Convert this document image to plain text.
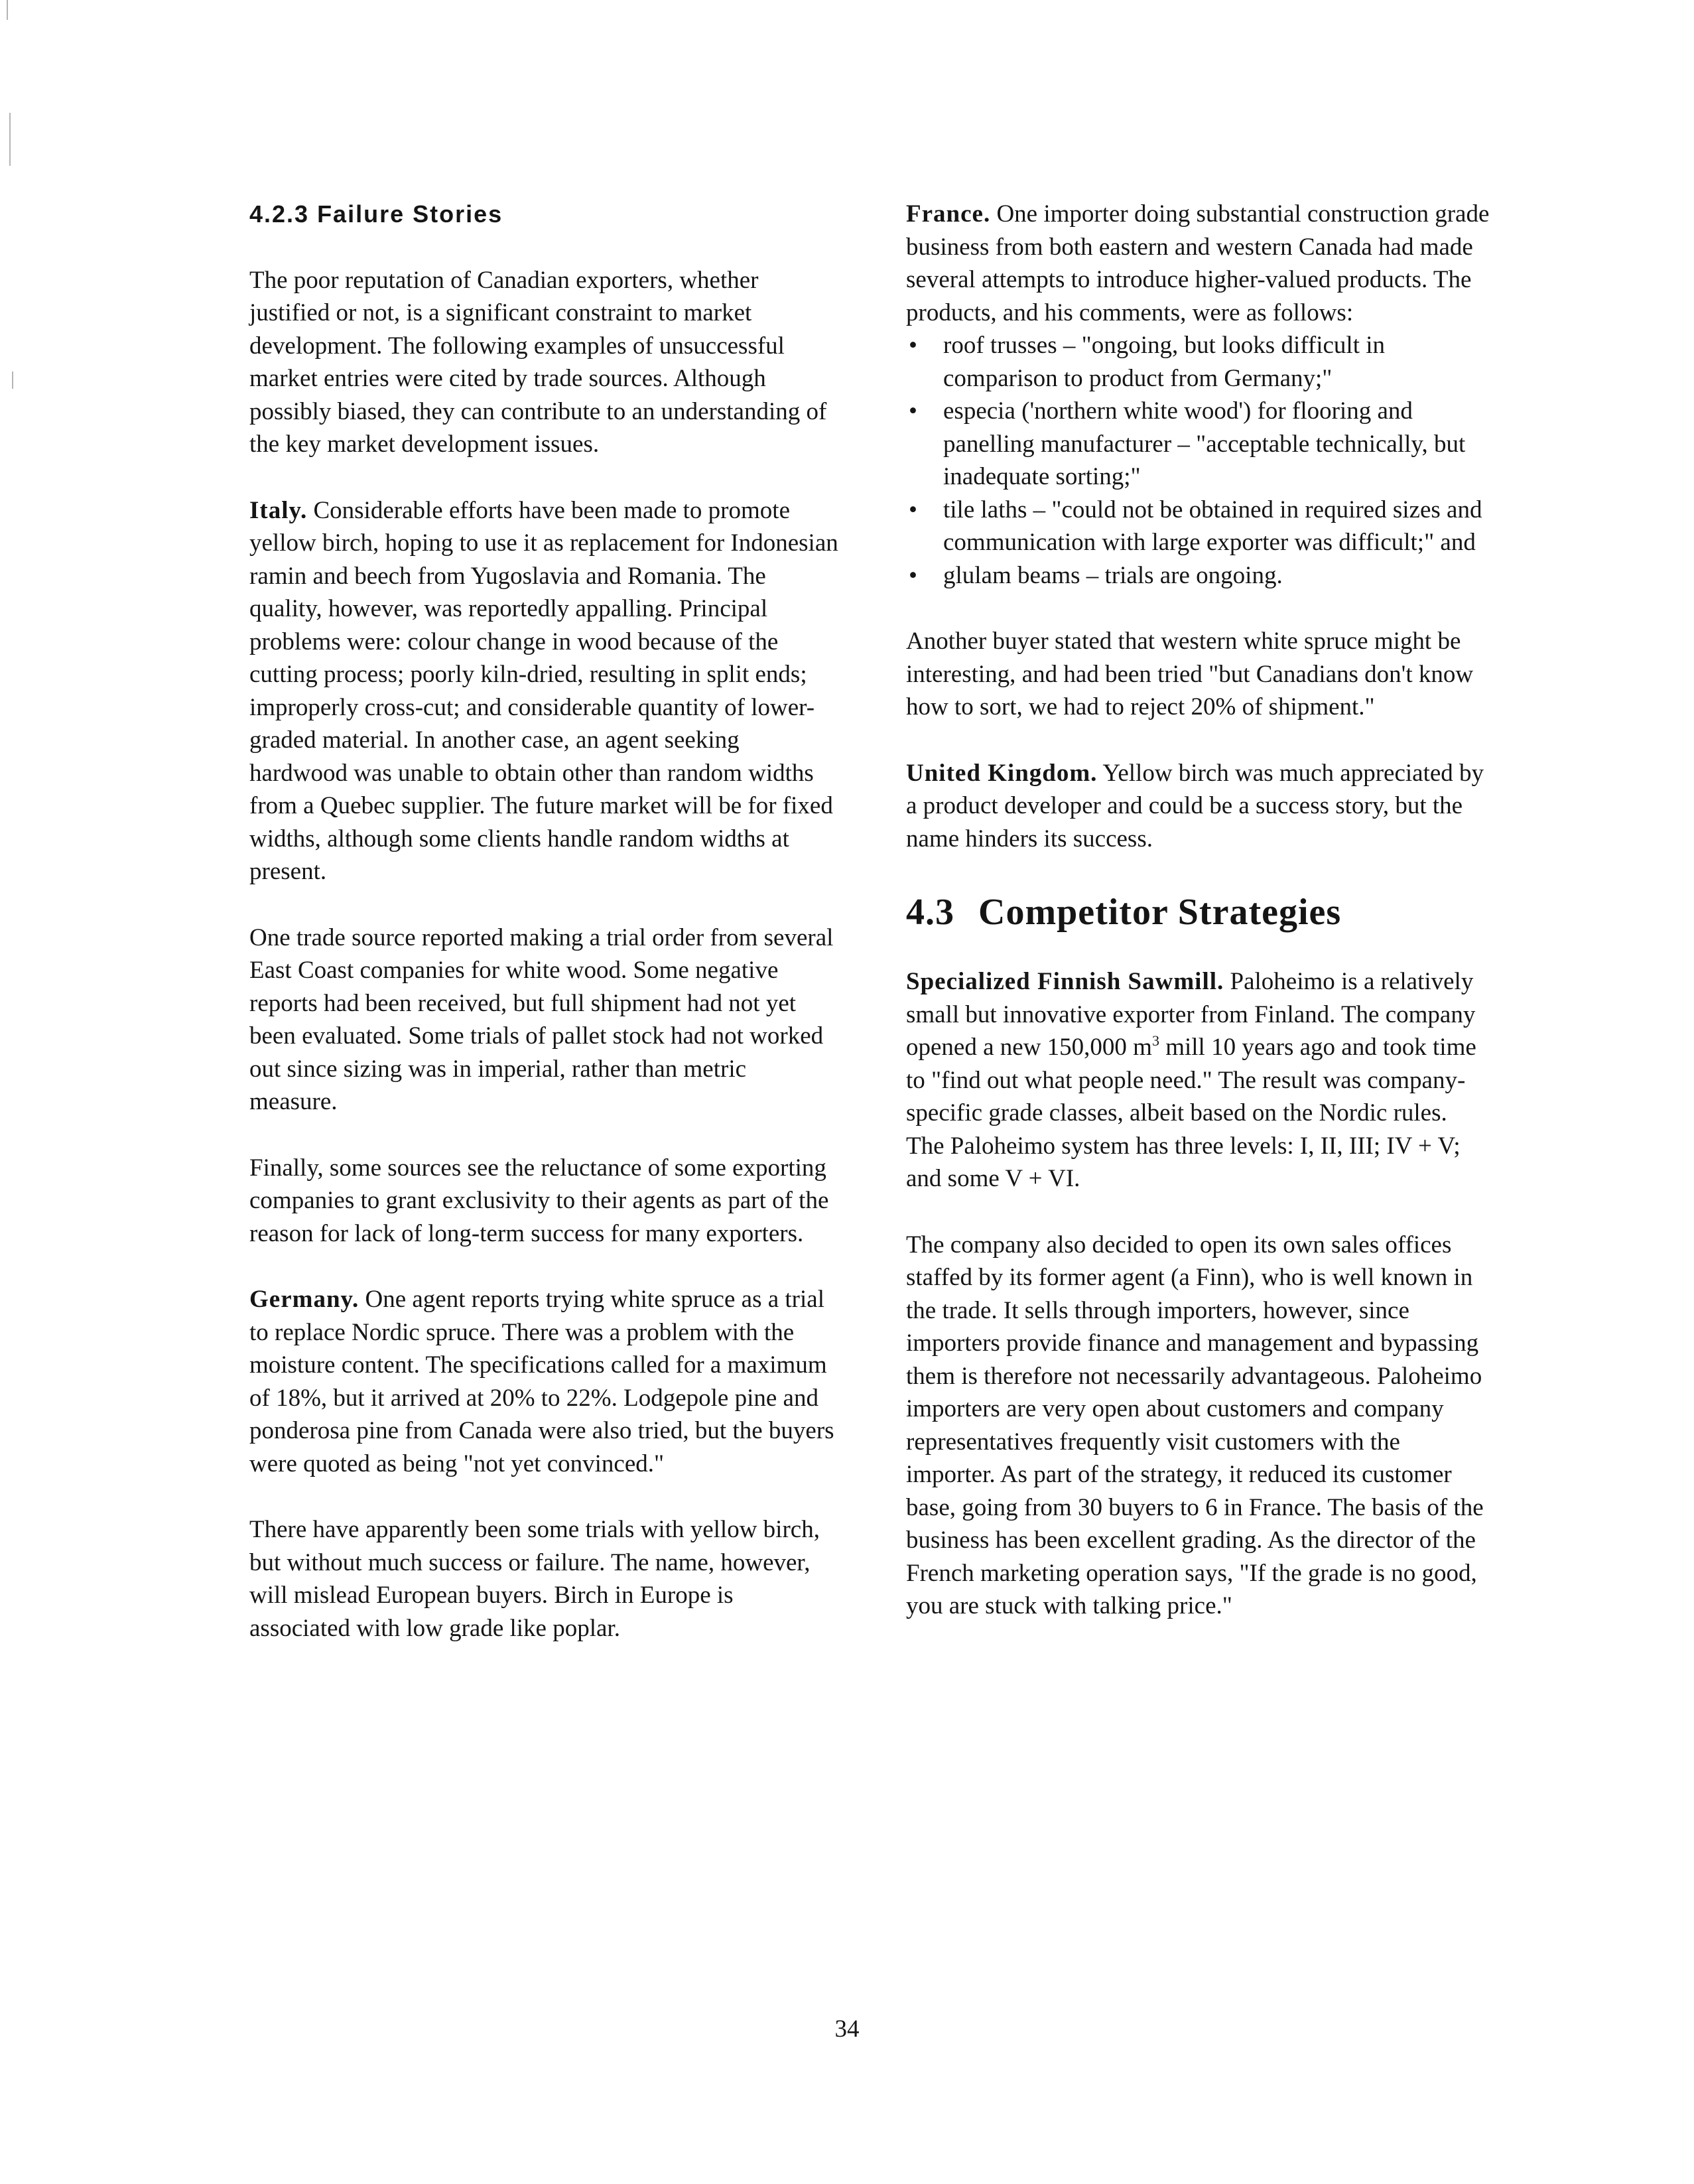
4.2.3 Failure Stories

The poor reputation of Canadian exporters, whether justified or not, is a significant constraint to market development. The following examples of unsuccessful market entries were cited by trade sources. Although possibly biased, they can contribute to an understanding of the key market development issues.

Italy. Considerable efforts have been made to promote yellow birch, hoping to use it as replacement for Indonesian ramin and beech from Yugoslavia and Romania. The quality, however, was reportedly appalling. Principal problems were: colour change in wood because of the cutting process; poorly kiln-dried, resulting in split ends; improperly cross-cut; and considerable quantity of lower-graded material. In another case, an agent seeking hardwood was unable to obtain other than random widths from a Quebec supplier. The future market will be for fixed widths, although some clients handle random widths at present.

One trade source reported making a trial order from several East Coast companies for white wood. Some negative reports had been received, but full shipment had not yet been evaluated. Some trials of pallet stock had not worked out since sizing was in imperial, rather than metric measure.

Finally, some sources see the reluctance of some exporting companies to grant exclusivity to their agents as part of the reason for lack of long-term success for many exporters.

Germany. One agent reports trying white spruce as a trial to replace Nordic spruce. There was a problem with the moisture content. The specifications called for a maximum of 18%, but it arrived at 20% to 22%. Lodgepole pine and ponderosa pine from Canada were also tried, but the buyers were quoted as being "not yet convinced."

There have apparently been some trials with yellow birch, but without much success or failure. The name, however, will mislead European buyers. Birch in Europe is associated with low grade like poplar.

France. One importer doing substantial construction grade business from both eastern and western Canada had made several attempts to introduce higher-valued products. The products, and his comments, were as follows:

• roof trusses – "ongoing, but looks difficult in comparison to product from Germany;"
• especia ('northern white wood') for flooring and panelling manufacturer – "acceptable technically, but inadequate sorting;"
• tile laths – "could not be obtained in required sizes and communication with large exporter was difficult;" and
• glulam beams – trials are ongoing.

Another buyer stated that western white spruce might be interesting, and had been tried "but Canadians don't know how to sort, we had to reject 20% of shipment."

United Kingdom. Yellow birch was much appreciated by a product developer and could be a success story, but the name hinders its success.

4.3 Competitor Strategies

Specialized Finnish Sawmill. Paloheimo is a relatively small but innovative exporter from Finland. The company opened a new 150,000 $m^3$ mill 10 years ago and took time to "find out what people need." The result was company-specific grade classes, albeit based on the Nordic rules. The Paloheimo system has three levels: I, II, III; IV + V; and some V + VI.

The company also decided to open its own sales offices staffed by its former agent (a Finn), who is well known in the trade. It sells through importers, however, since importers provide finance and management and bypassing them is therefore not necessarily advantageous. Paloheimo importers are very open about customers and company representatives frequently visit customers with the importer. As part of the strategy, it reduced its customer base, going from 30 buyers to 6 in France. The basis of the business has been excellent grading. As the director of the French marketing operation says, "If the grade is no good, you are stuck with talking price."

34
